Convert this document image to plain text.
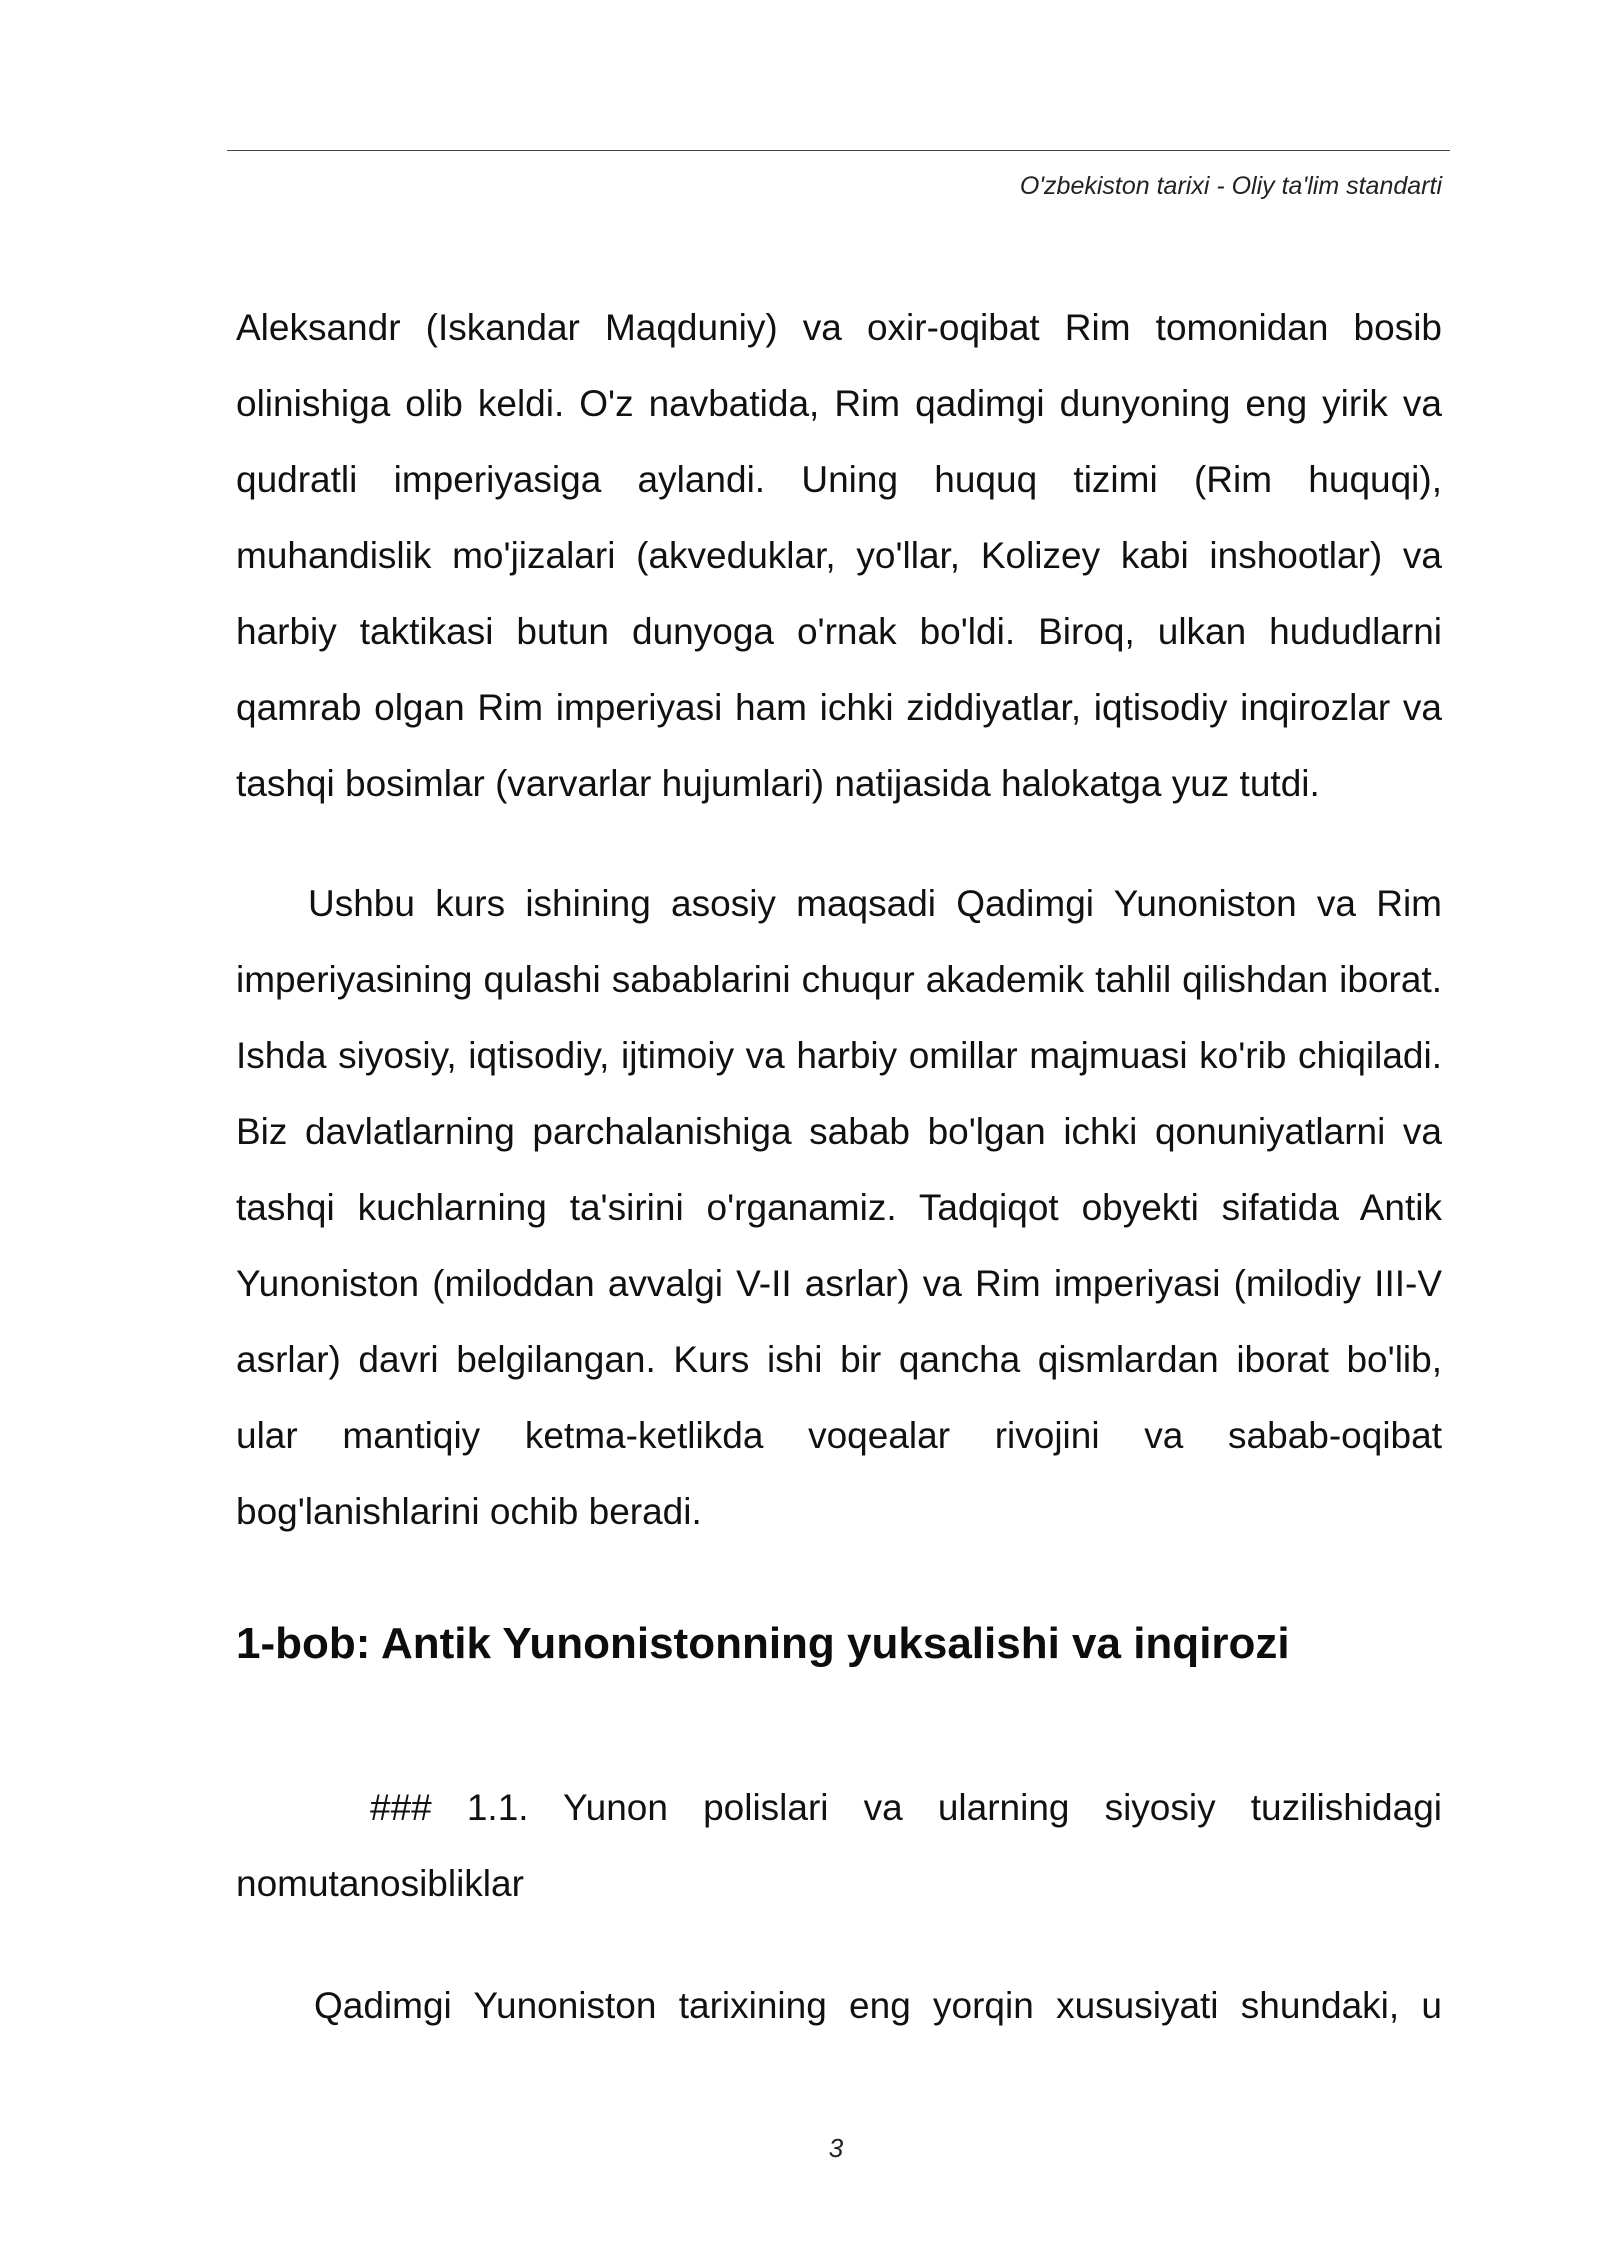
O'zbekiston tarixi - Oliy ta'lim standarti

Aleksandr (Iskandar Maqduniy) va oxir-oqibat Rim tomonidan bosib olinishiga olib keldi. O'z navbatida, Rim qadimgi dunyoning eng yirik va qudratli imperiyasiga aylandi. Uning huquq tizimi (Rim huquqi), muhandislik mo'jizalari (akveduklar, yo'llar, Kolizey kabi inshootlar) va harbiy taktikasi butun dunyoga o'rnak bo'ldi. Biroq, ulkan hududlarni qamrab olgan Rim imperiyasi ham ichki ziddiyatlar, iqtisodiy inqirozlar va tashqi bosimlar (varvarlar hujumlari) natijasida halokatga yuz tutdi.

Ushbu kurs ishining asosiy maqsadi Qadimgi Yunoniston va Rim imperiyasining qulashi sabablarini chuqur akademik tahlil qilishdan iborat. Ishda siyosiy, iqtisodiy, ijtimoiy va harbiy omillar majmuasi ko'rib chiqiladi. Biz davlatlarning parchalanishiga sabab bo'lgan ichki qonuniyatlarni va tashqi kuchlarning ta'sirini o'rganamiz. Tadqiqot obyekti sifatida Antik Yunoniston (miloddan avvalgi V-II asrlar) va Rim imperiyasi (milodiy III-V asrlar) davri belgilangan. Kurs ishi bir qancha qismlardan iborat bo'lib, ular mantiqiy ketma-ketlikda voqealar rivojini va sabab-oqibat bog'lanishlarini ochib beradi.

1-bob: Antik Yunonistonning yuksalishi va inqirozi

### 1.1. Yunon polislari va ularning siyosiy tuzilishidagi nomutanosibliklar

Qadimgi Yunoniston tarixining eng yorqin xususiyati shundaki, u

3
